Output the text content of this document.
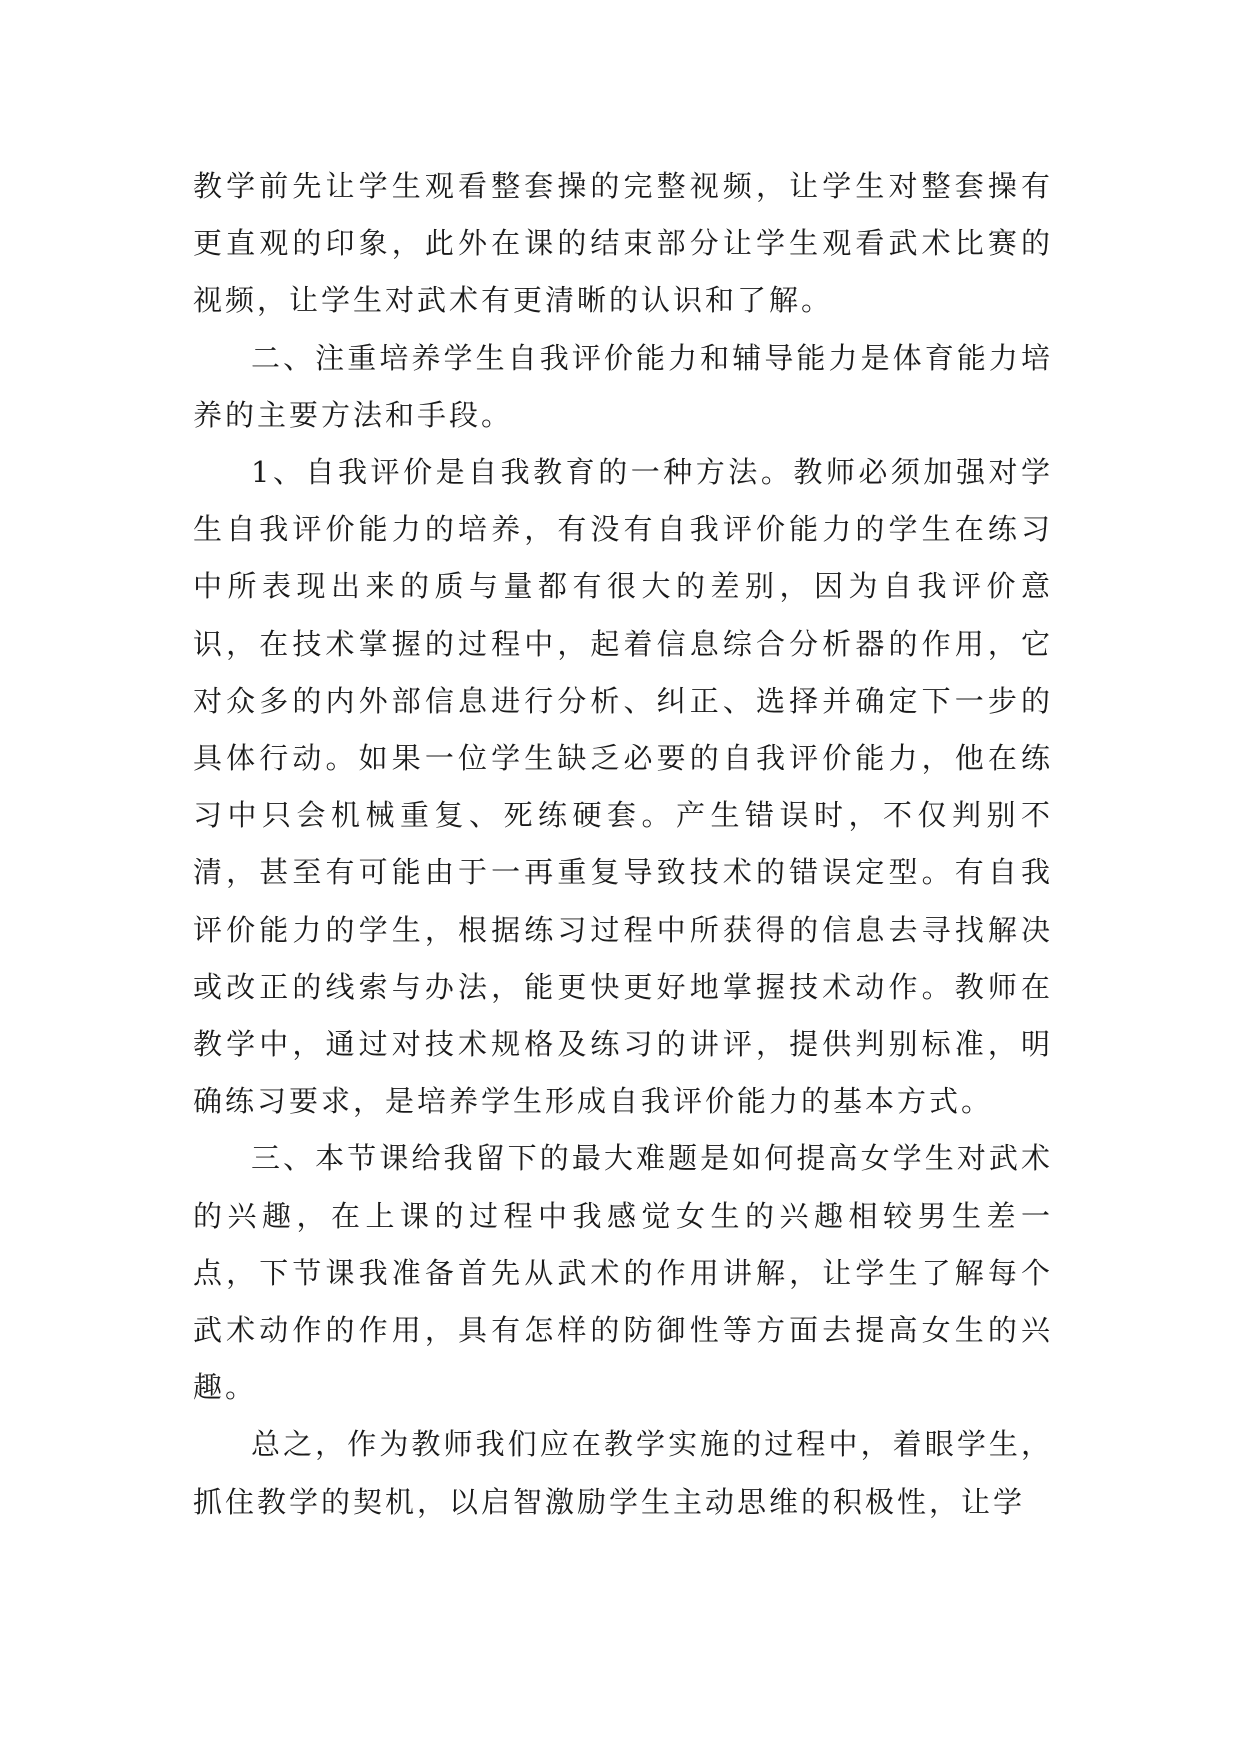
教学前先让学生观看整套操的完整视频，让学生对整套操有更直观的印象，此外在课的结束部分让学生观看武术比赛的视频，让学生对武术有更清晰的认识和了解。

二、注重培养学生自我评价能力和辅导能力是体育能力培养的主要方法和手段。

1、自我评价是自我教育的一种方法。教师必须加强对学生自我评价能力的培养，有没有自我评价能力的学生在练习中所表现出来的质与量都有很大的差别，因为自我评价意识，在技术掌握的过程中，起着信息综合分析器的作用，它对众多的内外部信息进行分析、纠正、选择并确定下一步的具体行动。如果一位学生缺乏必要的自我评价能力，他在练习中只会机械重复、死练硬套。产生错误时，不仅判别不清，甚至有可能由于一再重复导致技术的错误定型。有自我评价能力的学生，根据练习过程中所获得的信息去寻找解决或改正的线索与办法，能更快更好地掌握技术动作。教师在教学中，通过对技术规格及练习的讲评，提供判别标准，明确练习要求，是培养学生形成自我评价能力的基本方式。

三、本节课给我留下的最大难题是如何提高女学生对武术的兴趣，在上课的过程中我感觉女生的兴趣相较男生差一点，下节课我准备首先从武术的作用讲解，让学生了解每个武术动作的作用，具有怎样的防御性等方面去提高女生的兴趣。

总之，作为教师我们应在教学实施的过程中，着眼学生，抓住教学的契机，以启智激励学生主动思维的积极性，让学
